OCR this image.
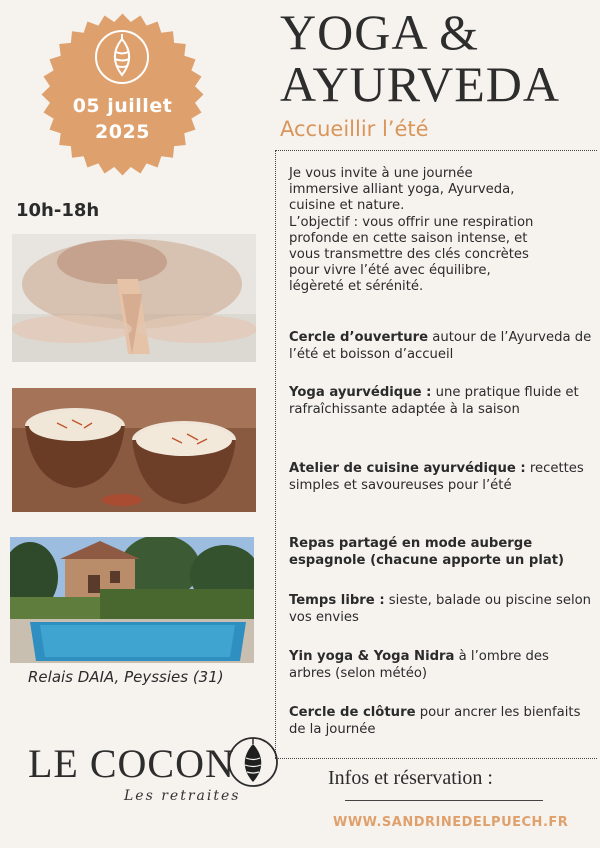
05 juillet
2025
YOGA &
AYURVEDA
Accueillir l’été
10h-18h
Relais DAIA, Peyssies (31)
Je vous invite à une journée
immersive alliant yoga, Ayurveda,
cuisine et nature.
L’objectif : vous offrir une respiration
profonde en cette saison intense, et
vous transmettre des clés concrètes
pour vivre l’été avec équilibre,
légèreté et sérénité.
Cercle d’ouverture autour de l’Ayurveda de l’été et boisson d’accueil
Yoga ayurvédique : une pratique fluide et rafraîchissante adaptée à la saison
Atelier de cuisine ayurvédique : recettes simples et savoureuses pour l’été
Repas partagé en mode auberge espagnole (chacune apporte un plat)
Temps libre : sieste, balade ou piscine selon vos envies
Yin yoga & Yoga Nidra à l’ombre des arbres (selon météo)
Cercle de clôture pour ancrer les bienfaits de la journée
LE COCON
Les retraites
Infos et réservation :
WWW.SANDRINEDELPUECH.FR
